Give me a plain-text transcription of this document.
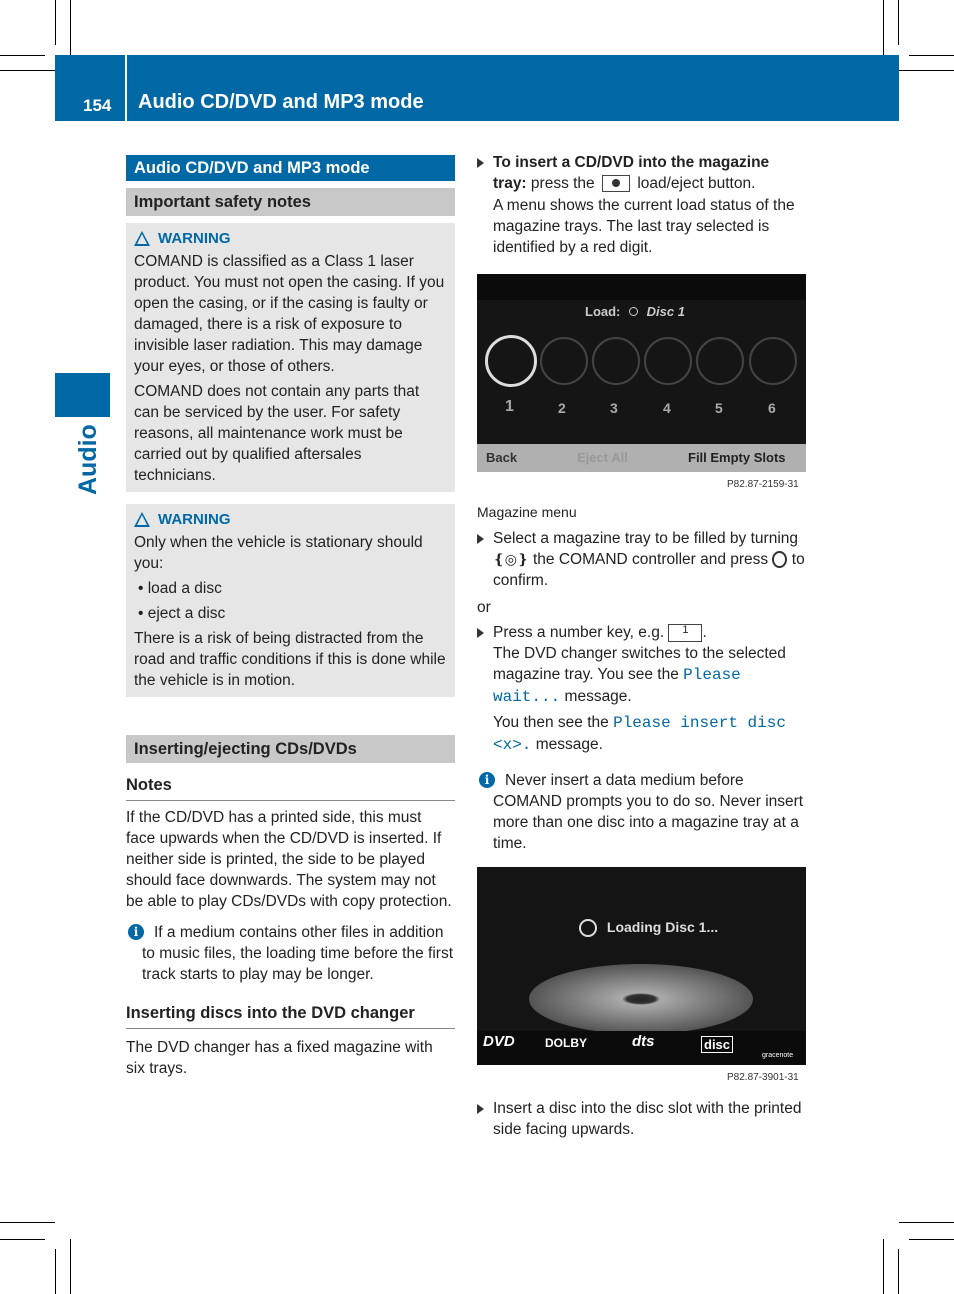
154 Audio CD/DVD and MP3 mode
Audio
Audio CD/DVD and MP3 mode
Important safety notes
WARNING

COMAND is classified as a Class 1 laser product. You must not open the casing. If you open the casing, or if the casing is faulty or damaged, there is a risk of exposure to invisible laser radiation. This may damage your eyes, or those of others.

COMAND does not contain any parts that can be serviced by the user. For safety reasons, all maintenance work must be carried out by qualified aftersales technicians.

WARNING

Only when the vehicle is stationary should you:

• load a disc
• eject a disc

There is a risk of being distracted from the road and traffic conditions if this is done while the vehicle is in motion.

Inserting/ejecting CDs/DVDs
Notes

If the CD/DVD has a printed side, this must face upwards when the CD/DVD is inserted. If neither side is printed, the side to be played should face downwards. The system may not be able to play CDs/DVDs with copy protection.

i	If a medium contains other files in addition to music files, the loading time before the first track starts to play may be longer.

Inserting discs into the DVD changer

The DVD changer has a fixed magazine with six trays.

To insert a CD/DVD into the magazine tray: press the	load/eject button.

A menu shows the current load status of the magazine trays. The last tray selected is identified by a red digit.

Load: Disc 1
1	2	3	4	5	6
Back	Eject All	Fill Empty Slots
P82.87-2159-31
Magazine menu
Select a magazine tray to be filled by turning ❴◎❵ the COMAND controller and press to confirm.

or

Press a number key, e.g. 1 .
The DVD changer switches to the selected magazine tray. You see the Please wait... message.
You then see the Please insert disc <x>. message.
i	Never insert a data medium before COMAND prompts you to do so. Never insert more than one disc into a magazine tray at a time.

Loading Disc 1...
DVD	DOLBY	dts	disc
gracenote
P82.87-3901-31
Insert a disc into the disc slot with the printed side facing upwards.
